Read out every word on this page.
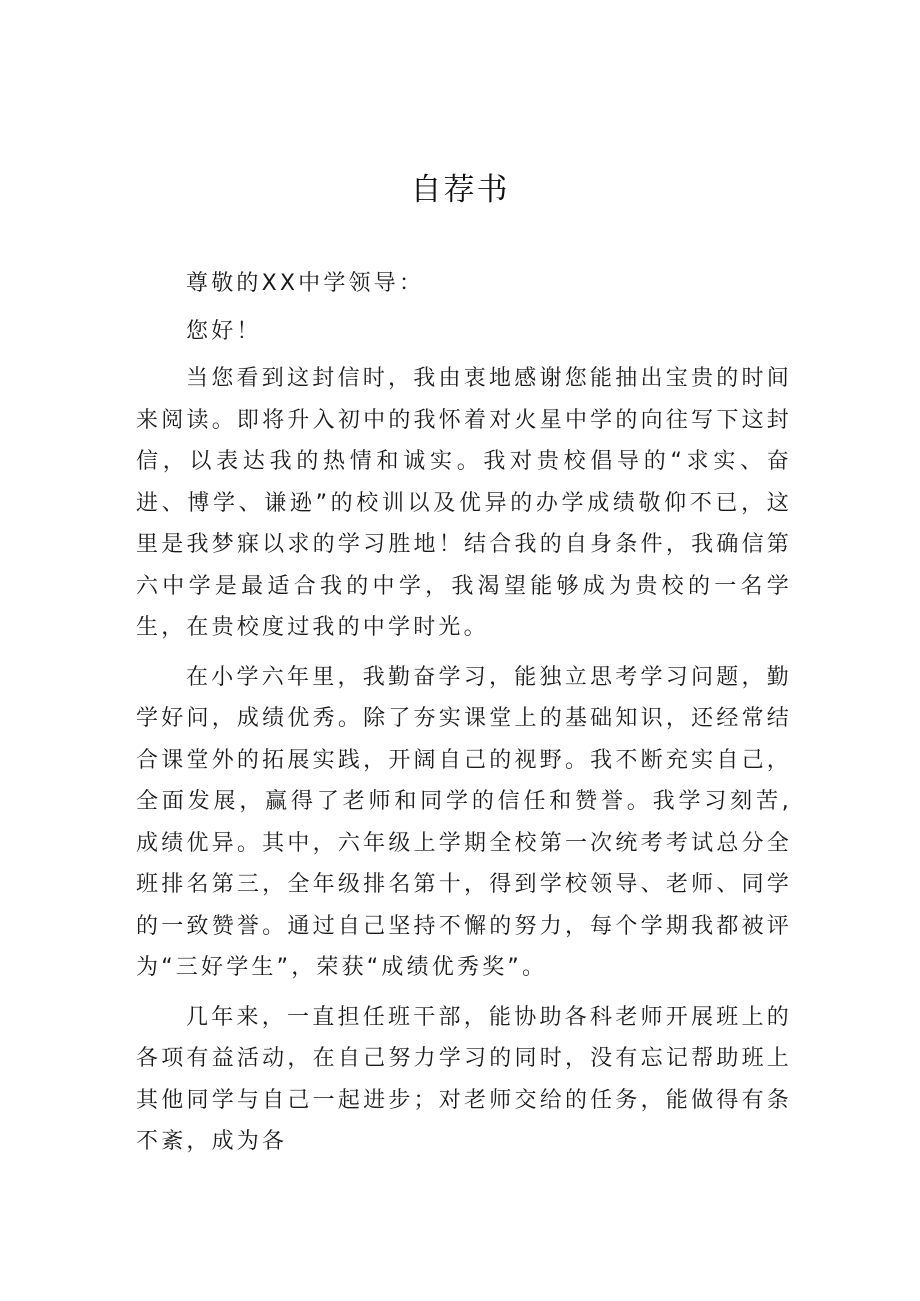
自荐书

尊敬的XX中学领导：

您好！

当您看到这封信时，我由衷地感谢您能抽出宝贵的时间来阅读。即将升入初中的我怀着对火星中学的向往写下这封信，以表达我的热情和诚实。我对贵校倡导的“求实、奋进、博学、谦逊”的校训以及优异的办学成绩敬仰不已，这里是我梦寐以求的学习胜地！结合我的自身条件，我确信第六中学是最适合我的中学，我渴望能够成为贵校的一名学生，在贵校度过我的中学时光。

在小学六年里，我勤奋学习，能独立思考学习问题，勤学好问，成绩优秀。除了夯实课堂上的基础知识，还经常结合课堂外的拓展实践，开阔自己的视野。我不断充实自己，全面发展，赢得了老师和同学的信任和赞誉。我学习刻苦,成绩优异。其中，六年级上学期全校第一次统考考试总分全班排名第三，全年级排名第十，得到学校领导、老师、同学的一致赞誉。通过自己坚持不懈的努力，每个学期我都被评为“三好学生”，荣获“成绩优秀奖”。

几年来，一直担任班干部，能协助各科老师开展班上的各项有益活动，在自己努力学习的同时，没有忘记帮助班上其他同学与自己一起进步；对老师交给的任务，能做得有条不紊，成为各
